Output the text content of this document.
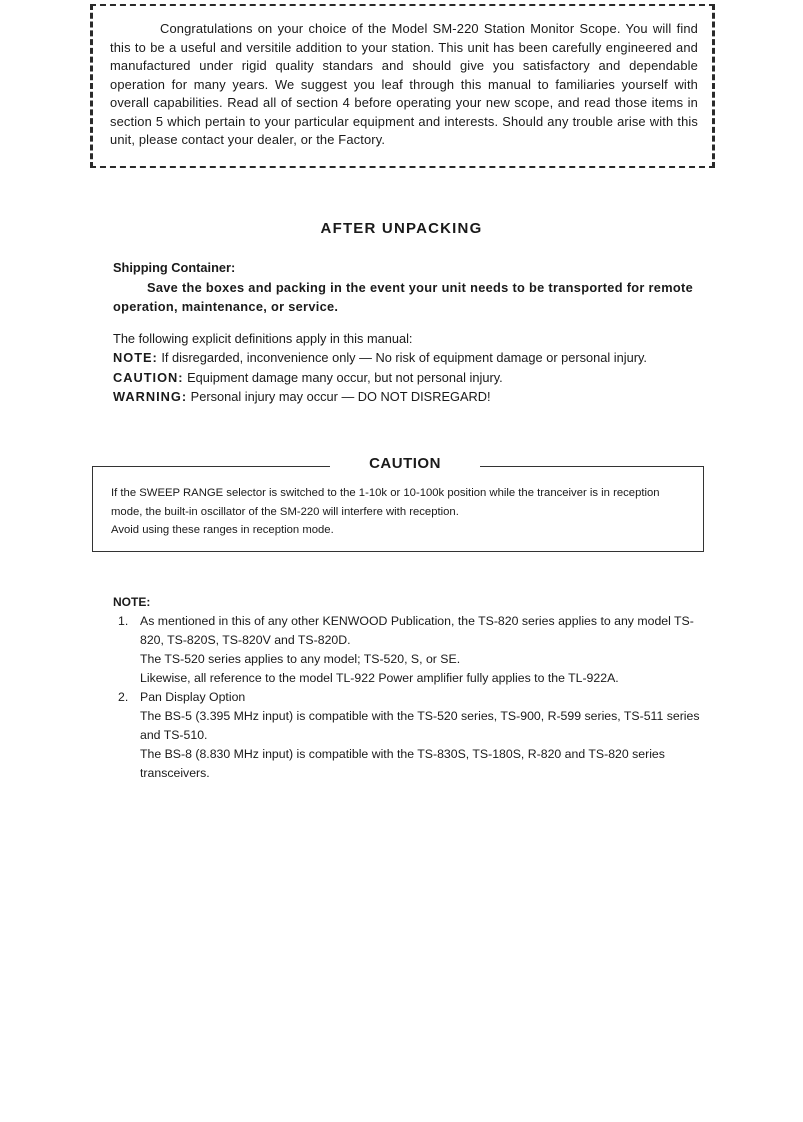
Congratulations on your choice of the Model SM-220 Station Monitor Scope. You will find this to be a useful and versitile addition to your station. This unit has been carefully engineered and manufactured under rigid quality standars and should give you satisfactory and dependable operation for many years. We suggest you leaf through this manual to familiaries yourself with overall capabilities. Read all of section 4 before operating your new scope, and read those items in section 5 which pertain to your particular equipment and interests. Should any trouble arise with this unit, please contact your dealer, or the Factory.

AFTER UNPACKING
Shipping Container:

Save the boxes and packing in the event your unit needs to be transported for remote operation, maintenance, or service.

The following explicit definitions apply in this manual:

NOTE: If disregarded, inconvenience only — No risk of equipment damage or personal injury.

CAUTION: Equipment damage many occur, but not personal injury.

WARNING: Personal injury may occur — DO NOT DISREGARD!

If the SWEEP RANGE selector is switched to the 1-10k or 10-100k position while the tranceiver is in reception mode, the built-in oscillator of the SM-220 will interfere with reception.

Avoid using these ranges in reception mode.

CAUTION
NOTE:
1. As mentioned in this of any other KENWOOD Publication, the TS-820 series applies to any model TS-820, TS-820S, TS-820V and TS-820D.
The TS-520 series applies to any model; TS-520, S, or SE.
Likewise, all reference to the model TL-922 Power amplifier fully applies to the TL-922A.
2. Pan Display Option
The BS-5 (3.395 MHz input) is compatible with the TS-520 series, TS-900, R-599 series, TS-511 series and TS-510.
The BS-8 (8.830 MHz input) is compatible with the TS-830S, TS-180S, R-820 and TS-820 series transceivers.
